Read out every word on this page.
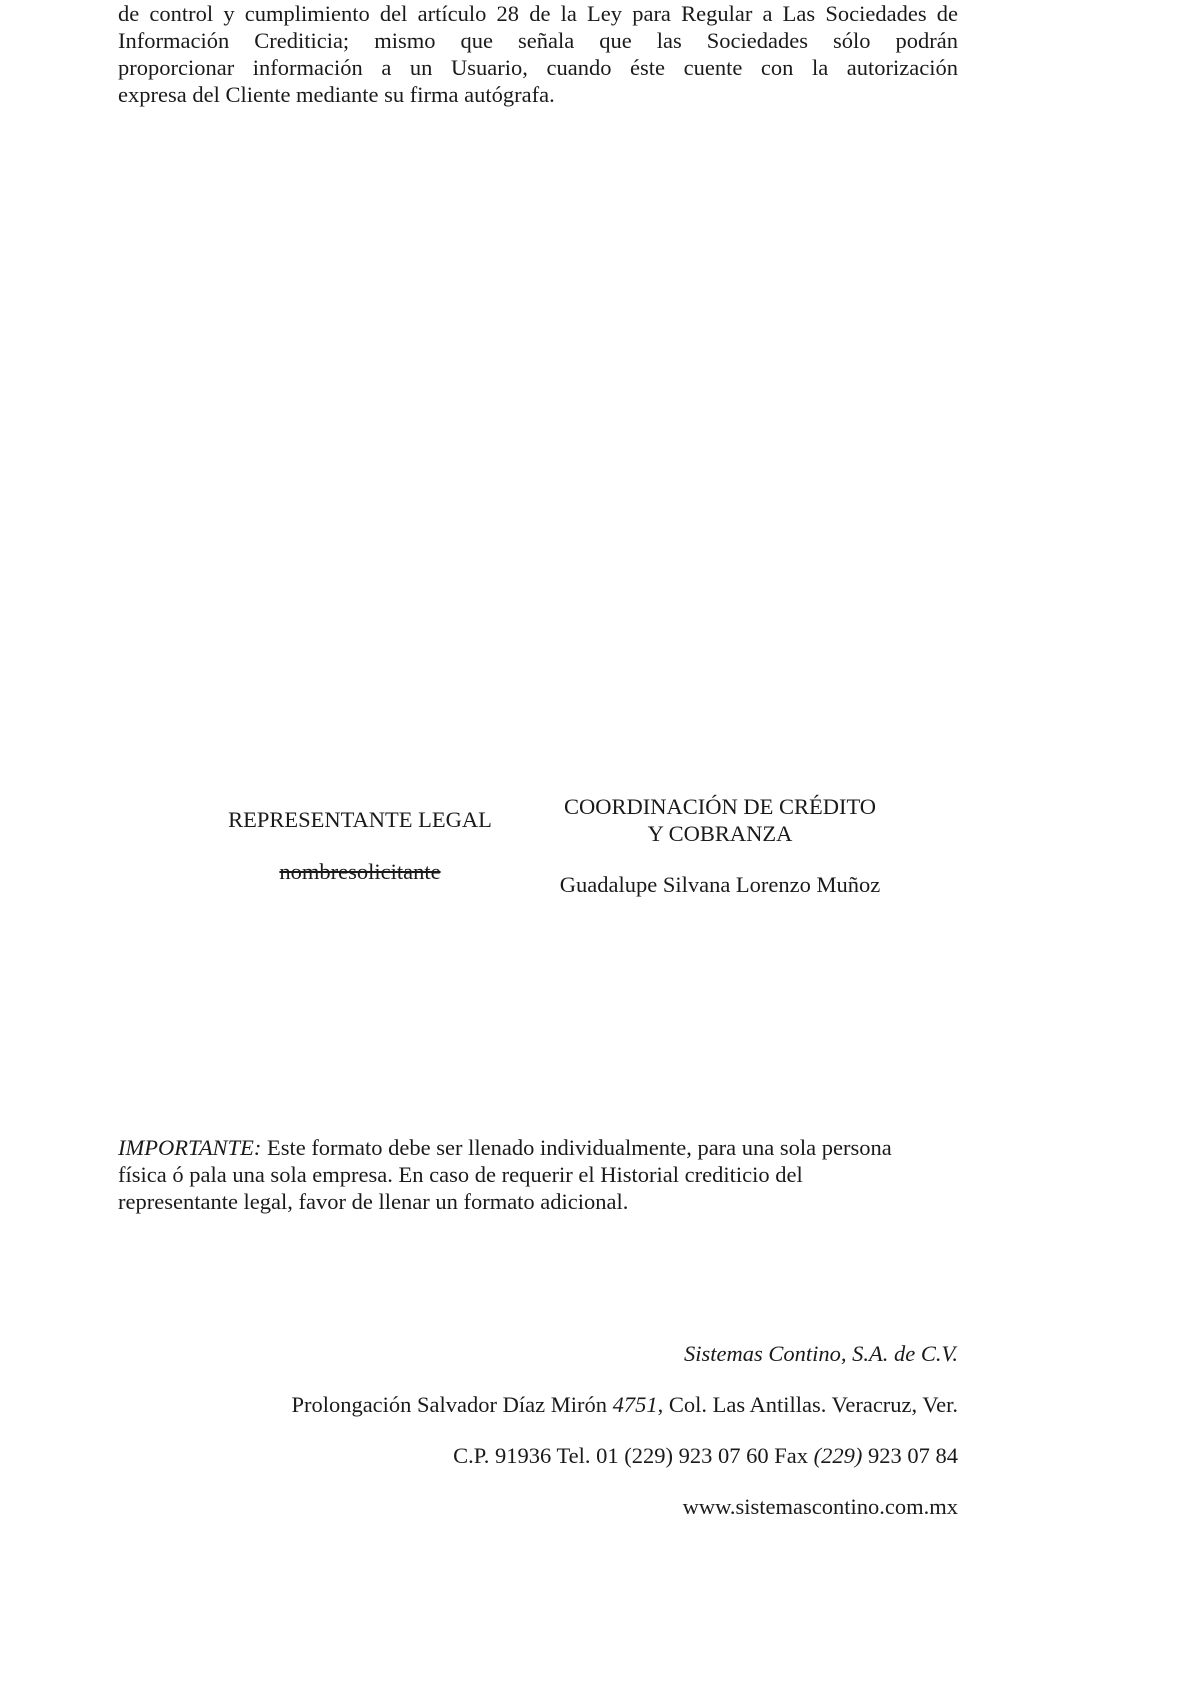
de control y cumplimiento del artículo 28 de la Ley para Regular a Las Sociedades de
Información Crediticia; mismo que señala que las Sociedades sólo podrán
proporcionar información a un Usuario, cuando éste cuente con la autorización
expresa del Cliente mediante su firma autógrafa.

REPRESENTANTE LEGAL
nombresolicitante
COORDINACIÓN DE CRÉDITO
Y COBRANZA
Guadalupe Silvana Lorenzo Muñoz

IMPORTANTE: Este formato debe ser llenado individualmente, para una sola persona
física ó pala una sola empresa. En caso de requerir el Historial crediticio del
representante legal, favor de llenar un formato adicional.

Sistemas Contino, S.A. de C.V.
Prolongación Salvador Díaz Mirón 4751, Col. Las Antillas. Veracruz, Ver.
C.P. 91936 Tel. 01 (229) 923 07 60 Fax (229) 923 07 84
www.sistemascontino.com.mx
